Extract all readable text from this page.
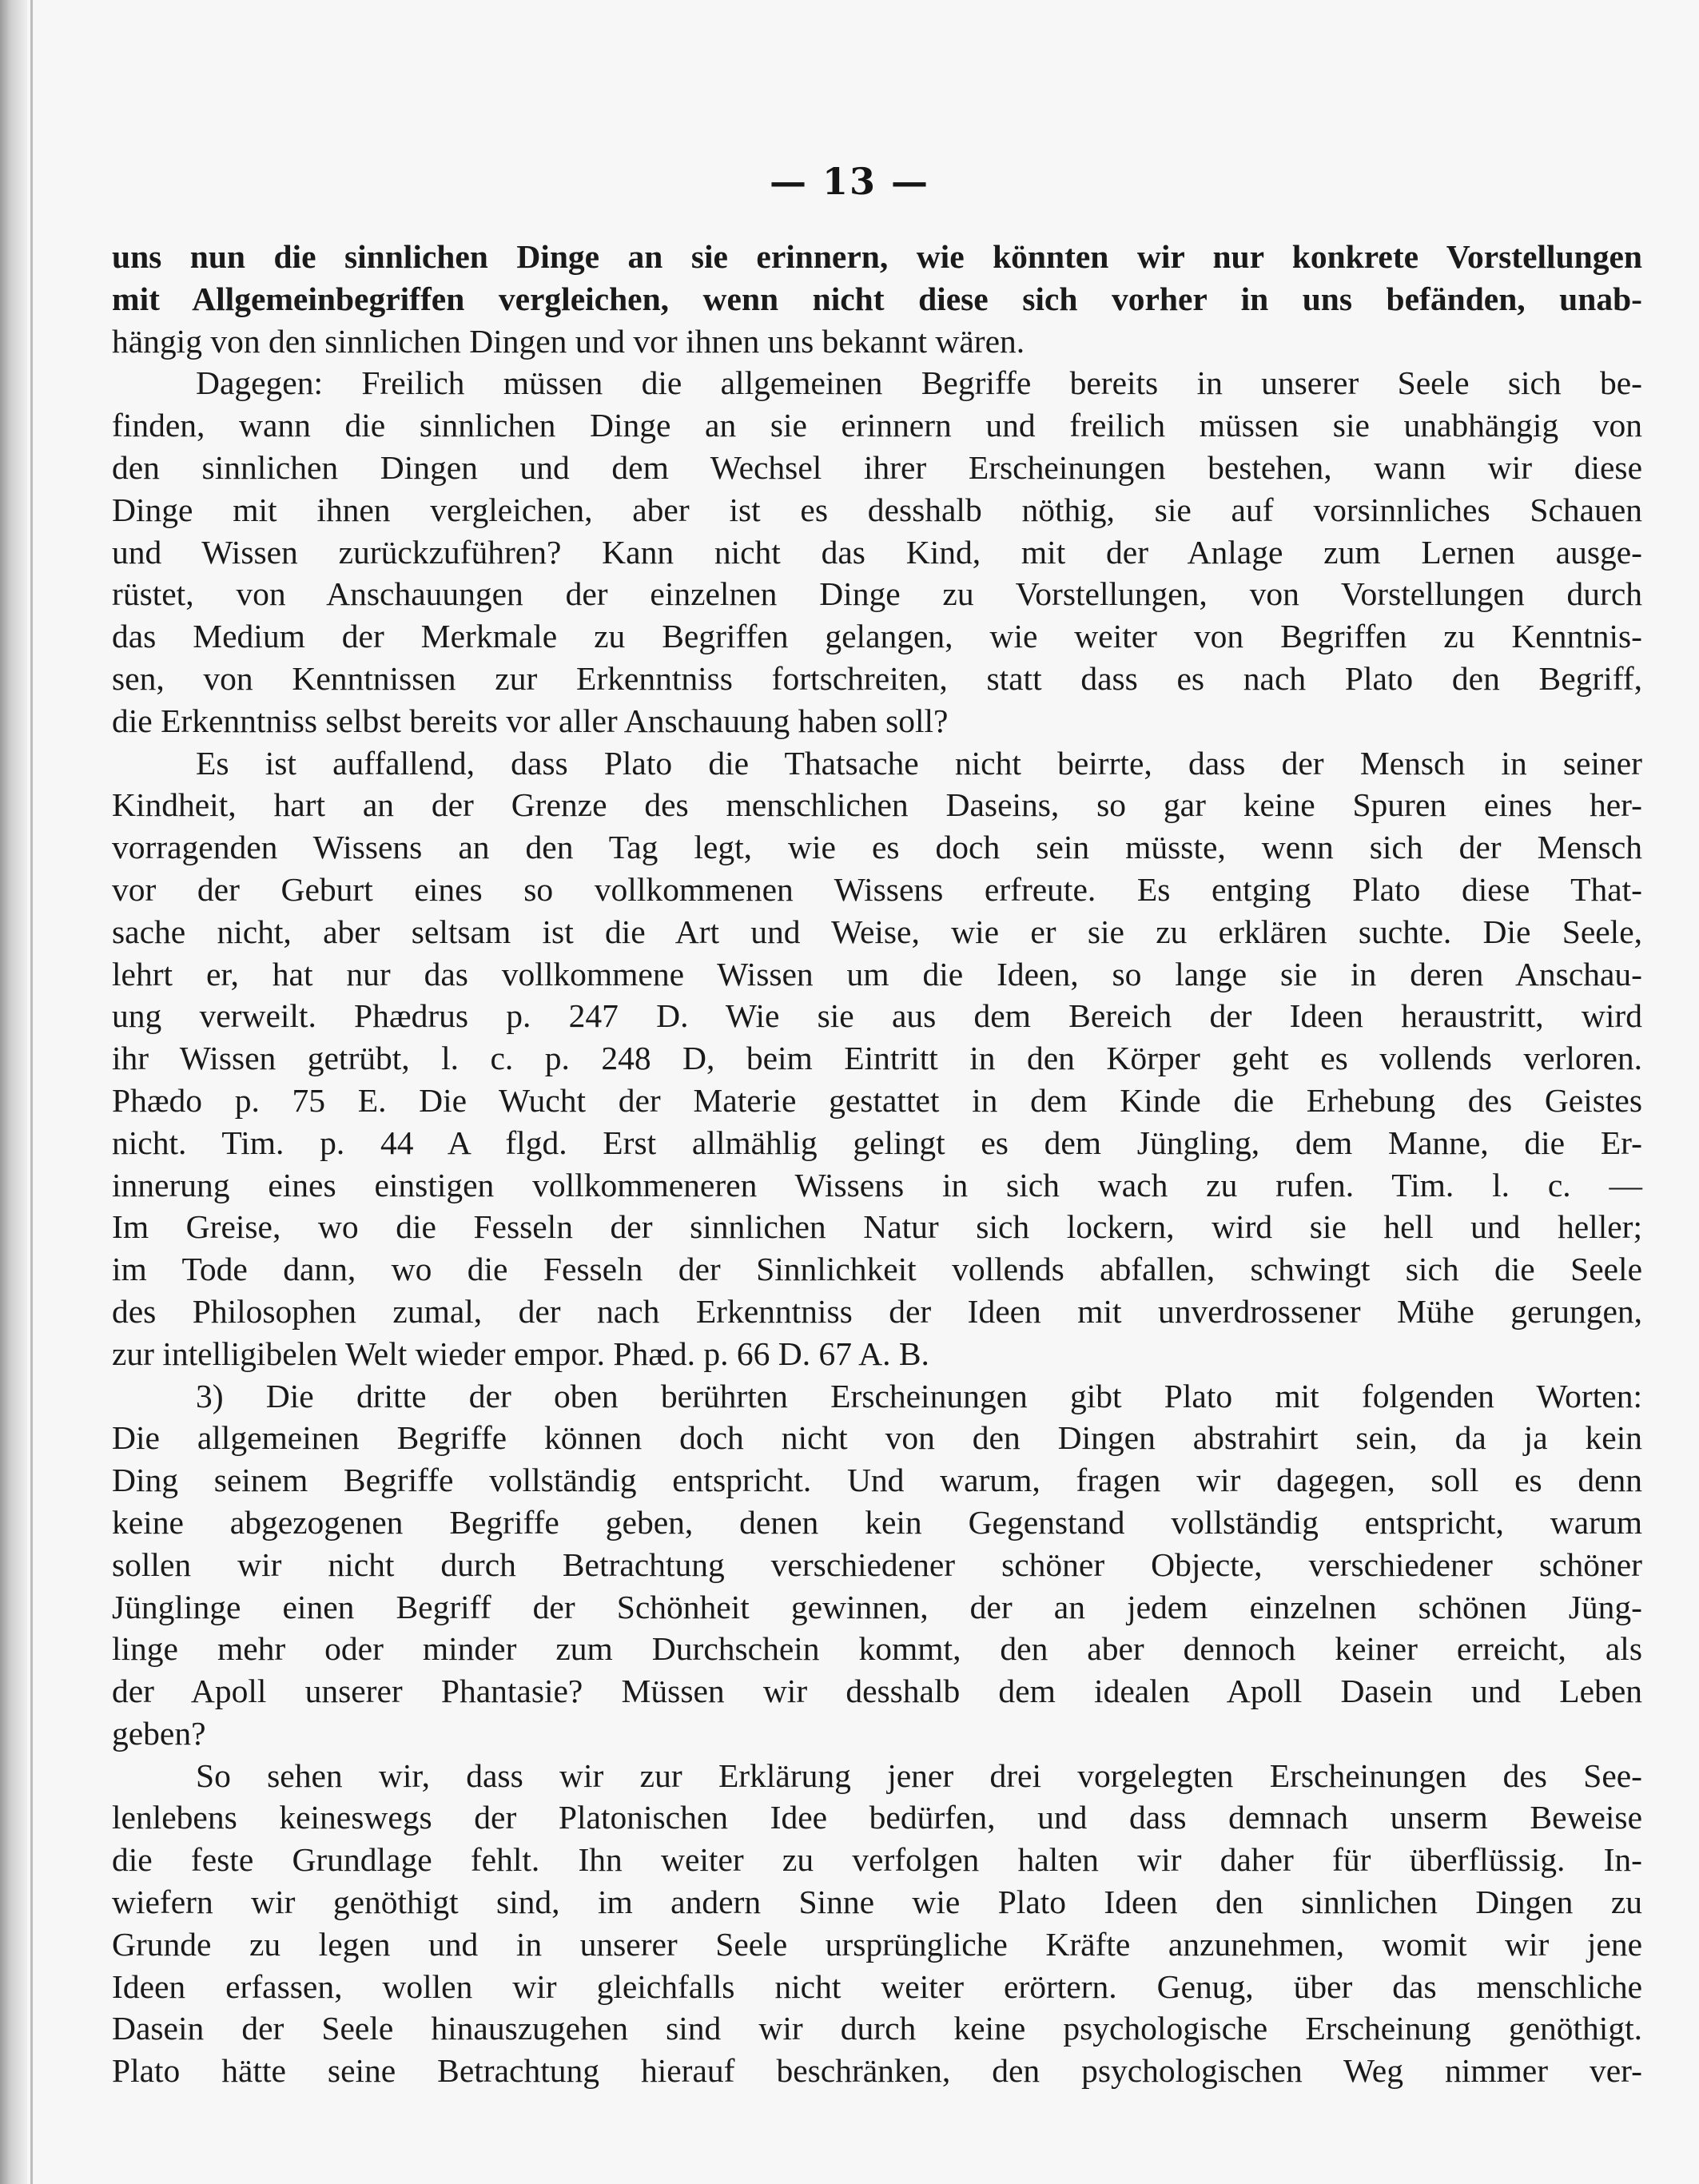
— 13 —
uns nun die sinnlichen Dinge an sie erinnern, wie könnten wir nur konkrete Vorstellungen
mit Allgemeinbegriffen vergleichen, wenn nicht diese sich vorher in uns befänden, unab-
hängig von den sinnlichen Dingen und vor ihnen uns bekannt wären.
Dagegen: Freilich müssen die allgemeinen Begriffe bereits in unserer Seele sich be-
finden, wann die sinnlichen Dinge an sie erinnern und freilich müssen sie unabhängig von
den sinnlichen Dingen und dem Wechsel ihrer Erscheinungen bestehen, wann wir diese
Dinge mit ihnen vergleichen, aber ist es desshalb nöthig, sie auf vorsinnliches Schauen
und Wissen zurückzuführen? Kann nicht das Kind, mit der Anlage zum Lernen ausge-
rüstet, von Anschauungen der einzelnen Dinge zu Vorstellungen, von Vorstellungen durch
das Medium der Merkmale zu Begriffen gelangen, wie weiter von Begriffen zu Kenntnis-
sen, von Kenntnissen zur Erkenntniss fortschreiten, statt dass es nach Plato den Begriff,
die Erkenntniss selbst bereits vor aller Anschauung haben soll?
Es ist auffallend, dass Plato die Thatsache nicht beirrte, dass der Mensch in seiner
Kindheit, hart an der Grenze des menschlichen Daseins, so gar keine Spuren eines her-
vorragenden Wissens an den Tag legt, wie es doch sein müsste, wenn sich der Mensch
vor der Geburt eines so vollkommenen Wissens erfreute. Es entging Plato diese That-
sache nicht, aber seltsam ist die Art und Weise, wie er sie zu erklären suchte. Die Seele,
lehrt er, hat nur das vollkommene Wissen um die Ideen, so lange sie in deren Anschau-
ung verweilt. Phædrus p. 247 D. Wie sie aus dem Bereich der Ideen heraustritt, wird
ihr Wissen getrübt, l. c. p. 248 D, beim Eintritt in den Körper geht es vollends verloren.
Phædo p. 75 E. Die Wucht der Materie gestattet in dem Kinde die Erhebung des Geistes
nicht. Tim. p. 44 A flgd. Erst allmählig gelingt es dem Jüngling, dem Manne, die Er-
innerung eines einstigen vollkommeneren Wissens in sich wach zu rufen. Tim. l. c. —
Im Greise, wo die Fesseln der sinnlichen Natur sich lockern, wird sie hell und heller;
im Tode dann, wo die Fesseln der Sinnlichkeit vollends abfallen, schwingt sich die Seele
des Philosophen zumal, der nach Erkenntniss der Ideen mit unverdrossener Mühe gerungen,
zur intelligibelen Welt wieder empor. Phæd. p. 66 D. 67 A. B.
3) Die dritte der oben berührten Erscheinungen gibt Plato mit folgenden Worten:
Die allgemeinen Begriffe können doch nicht von den Dingen abstrahirt sein, da ja kein
Ding seinem Begriffe vollständig entspricht. Und warum, fragen wir dagegen, soll es denn
keine abgezogenen Begriffe geben, denen kein Gegenstand vollständig entspricht, warum
sollen wir nicht durch Betrachtung verschiedener schöner Objecte, verschiedener schöner
Jünglinge einen Begriff der Schönheit gewinnen, der an jedem einzelnen schönen Jüng-
linge mehr oder minder zum Durchschein kommt, den aber dennoch keiner erreicht, als
der Apoll unserer Phantasie? Müssen wir desshalb dem idealen Apoll Dasein und Leben
geben?
So sehen wir, dass wir zur Erklärung jener drei vorgelegten Erscheinungen des See-
lenlebens keineswegs der Platonischen Idee bedürfen, und dass demnach unserm Beweise
die feste Grundlage fehlt. Ihn weiter zu verfolgen halten wir daher für überflüssig. In-
wiefern wir genöthigt sind, im andern Sinne wie Plato Ideen den sinnlichen Dingen zu
Grunde zu legen und in unserer Seele ursprüngliche Kräfte anzunehmen, womit wir jene
Ideen erfassen, wollen wir gleichfalls nicht weiter erörtern. Genug, über das menschliche
Dasein der Seele hinauszugehen sind wir durch keine psychologische Erscheinung genöthigt.
Plato hätte seine Betrachtung hierauf beschränken, den psychologischen Weg nimmer ver-
